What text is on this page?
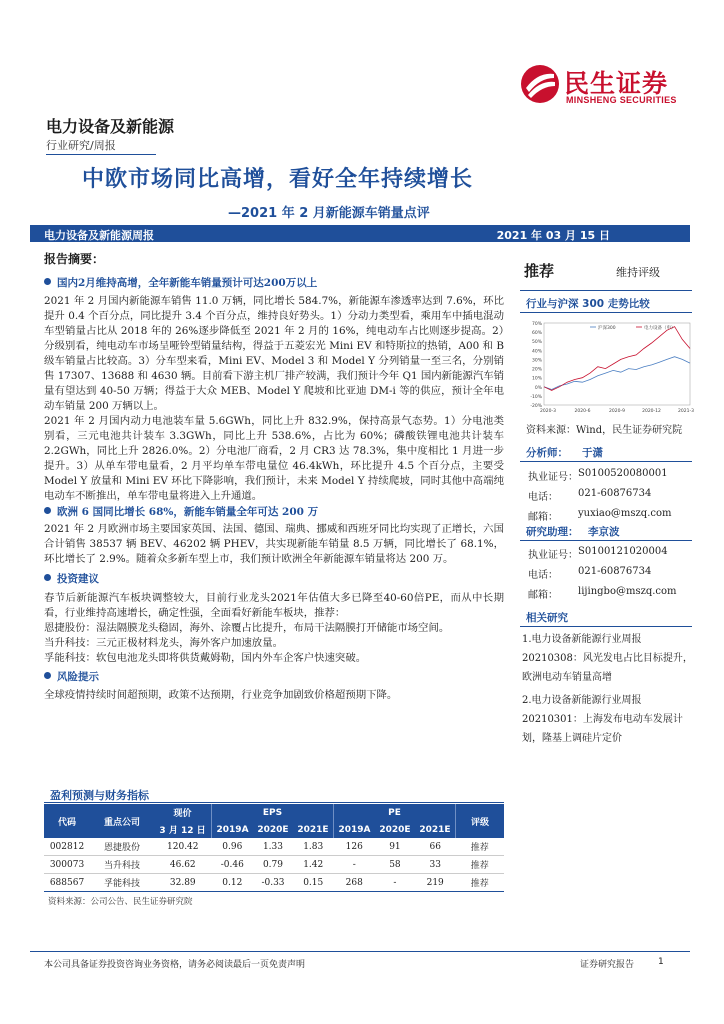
民生证券
MINSHENG SECURITIES
电力设备及新能源
行业研究/周报
中欧市场同比高增，看好全年持续增长
—2021 年 2 月新能源车销量点评
电力设备及新能源周报	2021 年 03 月 15 日
报告摘要：
国内2月维持高增，全年新能车销量预计可达200万以上

2021 年 2 月国内新能源车销售 11.0 万辆，同比增长 584.7%，新能源车渗透率达到 7.6%，环比提升 0.4 个百分点，同比提升 3.4 个百分点，维持良好势头。1）分动力类型看，乘用车中插电混动车型销量占比从 2018 年的 26%逐步降低至 2021 年 2 月的 16%，纯电动车占比则逐步提高。2）分级别看，纯电动车市场呈哑铃型销量结构，得益于五菱宏光 Mini EV 和特斯拉的热销，A00 和 B 级车销量占比较高。3）分车型来看，Mini EV、Model 3 和 Model Y 分列销量一至三名，分别销售 17307、13688 和 4630 辆。目前看下游主机厂排产较满，我们预计今年 Q1 国内新能源汽车销量有望达到 40-50 万辆；得益于大众 MEB、Model Y 爬坡和比亚迪 DM-i 等的供应，预计全年电动车销量 200 万辆以上。

2021 年 2 月国内动力电池装车量 5.6GWh，同比上升 832.9%，保持高景气态势。1）分电池类别看，三元电池共计装车 3.3GWh，同比上升 538.6%，占比为 60%；磷酸铁锂电池共计装车 2.2GWh，同比上升 2826.0%。2）分电池厂商看，2 月 CR3 达 78.3%，集中度相比 1 月进一步提升。3）从单车带电量看，2 月平均单车带电量位 46.4kWh，环比提升 4.5 个百分点，主要受 Model Y 放量和 Mini EV 环比下降影响，我们预计，未来 Model Y 持续爬坡，同时其他中高端纯电动车不断推出，单车带电量将进入上升通道。

欧洲 6 国同比增长 68%，新能车销量全年可达 200 万

2021 年 2 月欧洲市场主要国家英国、法国、德国、瑞典、挪威和西班牙同比均实现了正增长，六国合计销售 38537 辆 BEV、46202 辆 PHEV，共实现新能车销量 8.5 万辆，同比增长了 68.1%，环比增长了 2.9%。随着众多新车型上市，我们预计欧洲全年新能源车销量将达 200 万。

投资建议

春节后新能源汽车板块调整较大，目前行业龙头2021年估值大多已降至40-60倍PE，而从中长期看，行业维持高速增长，确定性强，全面看好新能车板块，推荐：

恩捷股份：湿法隔膜龙头稳固，海外、涂覆占比提升，布局干法隔膜打开储能市场空间。

当升科技：三元正极材料龙头，海外客户加速放量。

孚能科技：软包电池龙头即将供货戴姆勒，国内外车企客户快速突破。

风险提示

全球疫情持续时间超预期，政策不达预期，行业竞争加剧致价格超预期下降。

推荐	维持评级
行业与沪深 300 走势比较
70%
60%
50%
40%
30%
20%
10%
0%
-10%
-20%
2020-3	2020-6	2020-9	2020-12	2021-3
沪深300	电力设备（申）
资料来源：Wind，民生证券研究院
分析师： 于潇
执业证号： S0100520080001
电话： 021-60876734
邮箱： yuxiao@mszq.com
研究助理： 李京波
执业证号： S0100121020004
电话： 021-60876734
邮箱： lijingbo@mszq.com
相关研究
1.电力设备新能源行业周报 20210308：风光发电占比目标提升，欧洲电动车销量高增
2.电力设备新能源行业周报 20210301：上海发布电动车发展计划，隆基上调硅片定价
盈利预测与财务指标
代码	重点公司	现价	EPS			PE			评级
		3 月 12 日	2019A	2020E	2021E	2019A	2020E	2021E	
002812	恩捷股份	120.42	0.96	1.33	1.83	126	91	66	推荐
300073	当升科技	46.62	-0.46	0.79	1.42	-	58	33	推荐
688567	孚能科技	32.89	0.12	-0.33	0.15	268	-	219	推荐
资料来源：公司公告、民生证券研究院
本公司具备证券投资咨询业务资格，请务必阅读最后一页免责声明	证券研究报告	1
